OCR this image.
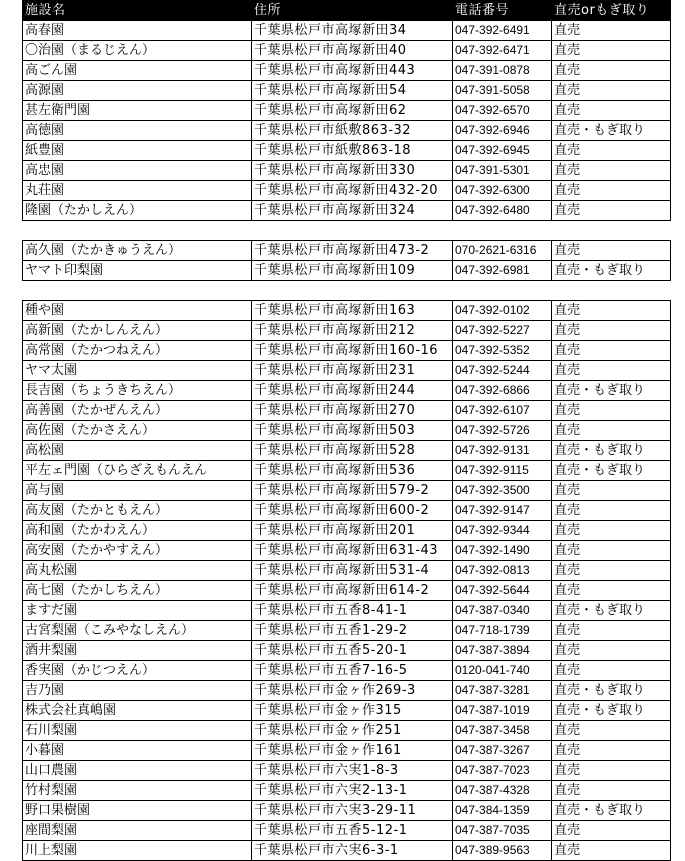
施設名	住所	電話番号	直売orもぎ取り
高春園	千葉県松戸市高塚新田34	047-392-6491	直売
〇治園（まるじえん）	千葉県松戸市高塚新田40	047-392-6471	直売
高ごん園	千葉県松戸市高塚新田443	047-391-0878	直売
高源園	千葉県松戸市高塚新田54	047-391-5058	直売
甚左衛門園	千葉県松戸市高塚新田62	047-392-6570	直売
高徳園	千葉県松戸市紙敷863-32	047-392-6946	直売・もぎ取り
紙豊園	千葉県松戸市紙敷863-18	047-392-6945	直売
高忠園	千葉県松戸市高塚新田330	047-391-5301	直売
丸荘園	千葉県松戸市高塚新田432-20	047-392-6300	直売
隆園（たかしえん）	千葉県松戸市高塚新田324	047-392-6480	直売

高久園（たかきゅうえん）	千葉県松戸市高塚新田473-2	070-2621-6316	直売
ヤマト印梨園	千葉県松戸市高塚新田109	047-392-6981	直売・もぎ取り

種や園	千葉県松戸市高塚新田163	047-392-0102	直売
高新園（たかしんえん）	千葉県松戸市高塚新田212	047-392-5227	直売
高常園（たかつねえん）	千葉県松戸市高塚新田160-16	047-392-5352	直売
ヤマ太園	千葉県松戸市高塚新田231	047-392-5244	直売
長吉園（ちょうきちえん）	千葉県松戸市高塚新田244	047-392-6866	直売・もぎ取り
高善園（たかぜんえん）	千葉県松戸市高塚新田270	047-392-6107	直売
高佐園（たかさえん）	千葉県松戸市高塚新田503	047-392-5726	直売
高松園	千葉県松戸市高塚新田528	047-392-9131	直売・もぎ取り
平左ェ門園（ひらざえもんえん	千葉県松戸市高塚新田536	047-392-9115	直売・もぎ取り
高与園	千葉県松戸市高塚新田579-2	047-392-3500	直売
高友園（たかともえん）	千葉県松戸市高塚新田600-2	047-392-9147	直売
高和園（たかわえん）	千葉県松戸市高塚新田201	047-392-9344	直売
高安園（たかやすえん）	千葉県松戸市高塚新田631-43	047-392-1490	直売
高丸松園	千葉県松戸市高塚新田531-4	047-392-0813	直売
高七園（たかしちえん）	千葉県松戸市高塚新田614-2	047-392-5644	直売
ますだ園	千葉県松戸市五香8-41-1	047-387-0340	直売・もぎ取り
古宮梨園（こみやなしえん）	千葉県松戸市五香1-29-2	047-718-1739	直売
酒井梨園	千葉県松戸市五香5-20-1	047-387-3894	直売
香実園（かじつえん）	千葉県松戸市五香7-16-5	0120-041-740	直売
吉乃園	千葉県松戸市金ヶ作269-3	047-387-3281	直売・もぎ取り
株式会社真嶋園	千葉県松戸市金ヶ作315	047-387-1019	直売・もぎ取り
石川梨園	千葉県松戸市金ヶ作251	047-387-3458	直売
小暮園	千葉県松戸市金ヶ作161	047-387-3267	直売
山口農園	千葉県松戸市六実1-8-3	047-387-7023	直売
竹村梨園	千葉県松戸市六実2-13-1	047-387-4328	直売
野口果樹園	千葉県松戸市六実3-29-11	047-384-1359	直売・もぎ取り
座間梨園	千葉県松戸市五香5-12-1	047-387-7035	直売
川上梨園	千葉県松戸市六実6-3-1	047-389-9563	直売
